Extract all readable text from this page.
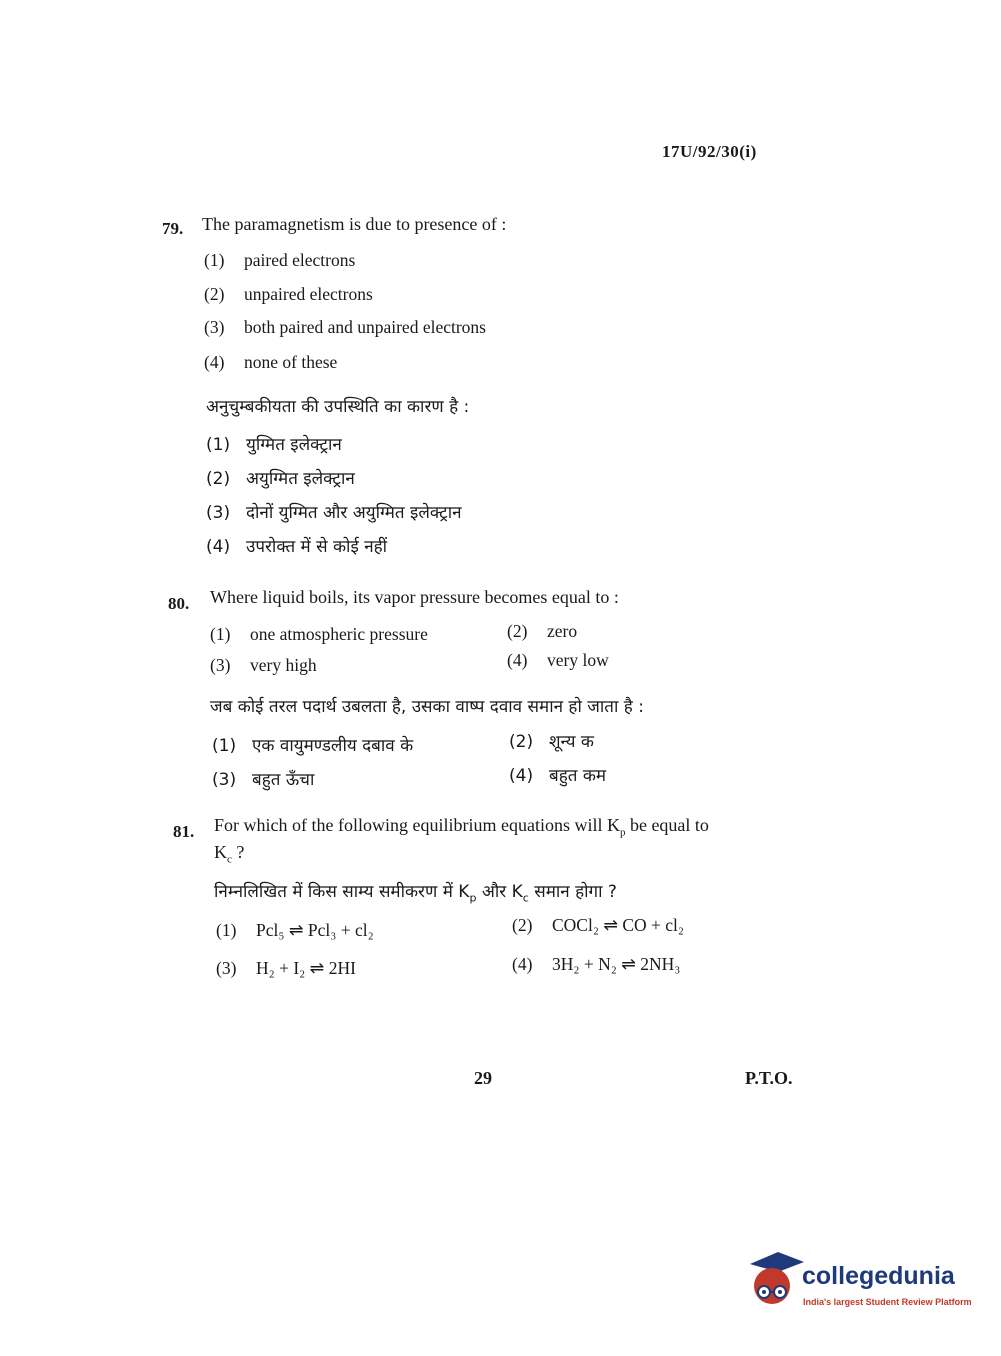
17U/92/30(i)
79. The paramagnetism is due to presence of :
(1) paired electrons
(2) unpaired electrons
(3) both paired and unpaired electrons
(4) none of these
अनुचुम्बकीयता की उपस्थिति का कारण है :
(1) युग्मित इलेक्ट्रान
(2) अयुग्मित इलेक्ट्रान
(3) दोनों युग्मित और अयुग्मित इलेक्ट्रान
(4) उपरोक्त में से कोई नहीं
80. Where liquid boils, its vapor pressure becomes equal to :
(1) one atmospheric pressure	(2) zero
(3) very high	(4) very low
जब कोई तरल पदार्थ उबलता है, उसका वाष्प दवाव समान हो जाता है :
(1) एक वायुमण्डलीय दबाव के	(2) शून्य क
(3) बहुत ऊँचा	(4) बहुत कम
81. For which of the following equilibrium equations will $K_p$ be equal to
$K_c$ ?
निम्नलिखित में किस साम्य समीकरण में $K_p$ और $K_c$ समान होगा ?
(1) Pcl₅ ⇌ Pcl₃ + cl₂	(2) COCl₂ ⇌ CO + cl₂
(3) H₂ + I₂ ⇌ 2HI	(4) 3H₂ + N₂ ⇌ 2NH₃
29	P.T.O.
collegedunia
India's largest Student Review Platform
